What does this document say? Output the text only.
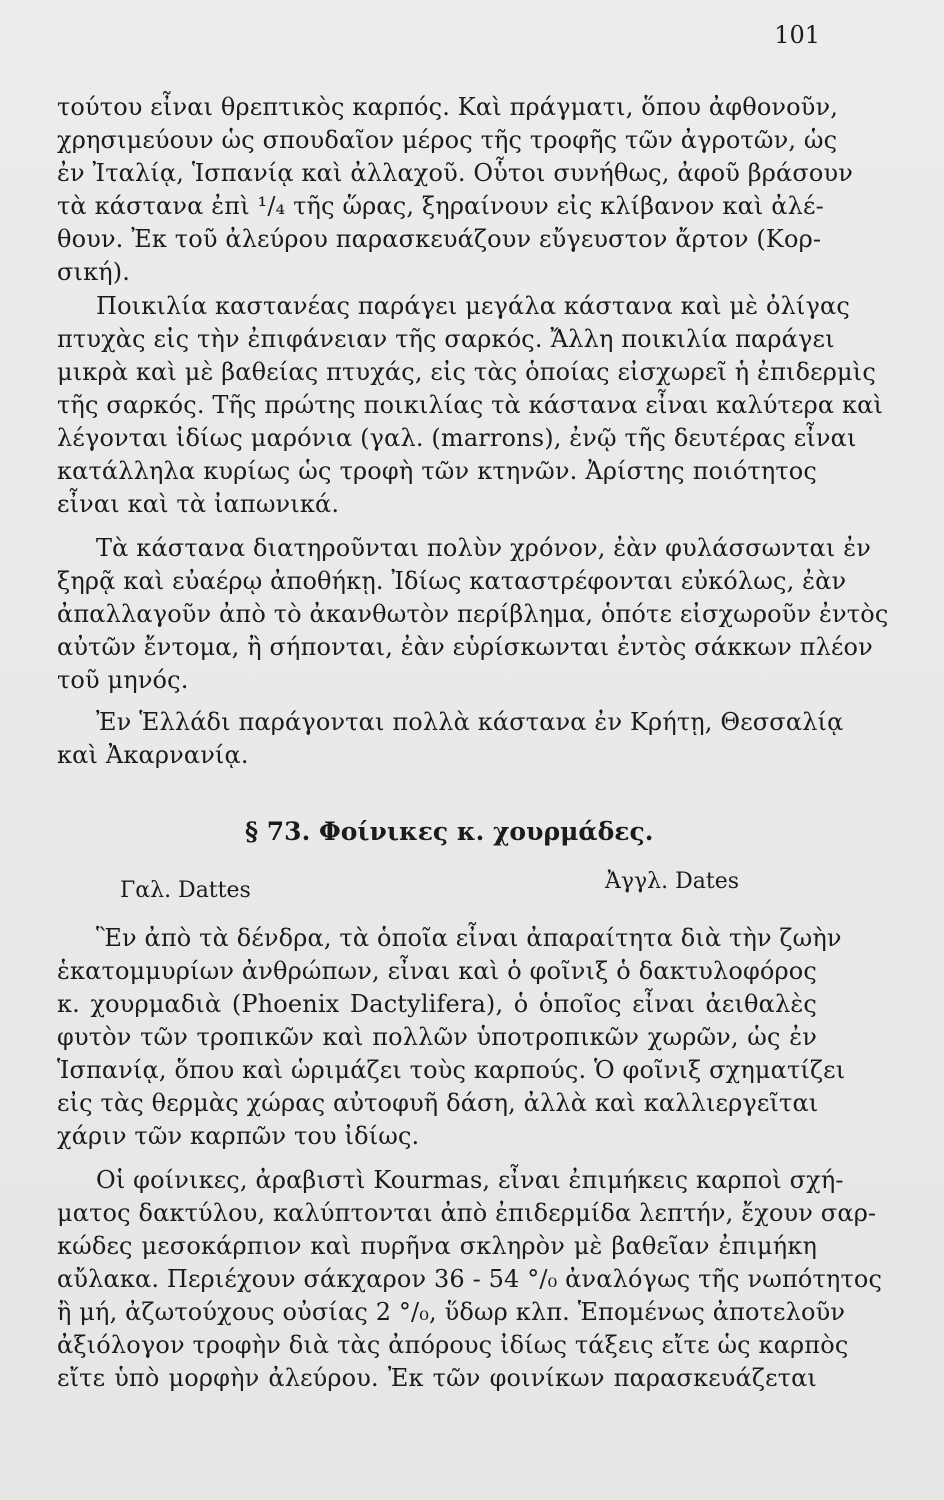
101
τούτου εἶναι θρεπτικὸς καρπός. Καὶ πράγματι, ὅπου ἀφθονοῦν,
χρησιμεύουν ὡς σπουδαῖον μέρος τῆς τροφῆς τῶν ἀγροτῶν, ὡς
ἐν Ἰταλίᾳ, Ἱσπανίᾳ καὶ ἀλλαχοῦ. Οὗτοι συνήθως, ἀφοῦ βράσουν
τὰ κάστανα ἐπὶ ¹/₄ τῆς ὥρας, ξηραίνουν εἰς κλίβανον καὶ ἀλέ-
θουν. Ἐκ τοῦ ἀλεύρου παρασκευάζουν εὔγευστον ἄρτον (Κορ-
σική).
Ποικιλία καστανέας παράγει μεγάλα κάστανα καὶ μὲ ὀλίγας
πτυχὰς εἰς τὴν ἐπιφάνειαν τῆς σαρκός. Ἄλλη ποικιλία παράγει
μικρὰ καὶ μὲ βαθείας πτυχάς, εἰς τὰς ὁποίας εἰσχωρεῖ ἡ ἐπιδερμὶς
τῆς σαρκός. Τῆς πρώτης ποικιλίας τὰ κάστανα εἶναι καλύτερα καὶ
λέγονται ἰδίως μαρόνια (γαλ. (marrons), ἐνῷ τῆς δευτέρας εἶναι
κατάλληλα κυρίως ὡς τροφὴ τῶν κτηνῶν. Ἀρίστης ποιότητος
εἶναι καὶ τὰ ἰαπωνικά.
Τὰ κάστανα διατηροῦνται πολὺν χρόνον, ἐὰν φυλάσσωνται ἐν
ξηρᾷ καὶ εὐαέρῳ ἀποθήκῃ. Ἰδίως καταστρέφονται εὐκόλως, ἐὰν
ἀπαλλαγοῦν ἀπὸ τὸ ἀκανθωτὸν περίβλημα, ὁπότε εἰσχωροῦν ἐντὸς
αὐτῶν ἔντομα, ἢ σήπονται, ἐὰν εὑρίσκωνται ἐντὸς σάκκων πλέον
τοῦ μηνός.
Ἐν Ἑλλάδι παράγονται πολλὰ κάστανα ἐν Κρήτῃ, Θεσσαλίᾳ
καὶ Ἀκαρνανίᾳ.
§ 73. Φοίνικες κ. χουρμάδες.
Γαλ. Dattes	Ἀγγλ. Dates
Ἓν ἀπὸ τὰ δένδρα, τὰ ὁποῖα εἶναι ἀπαραίτητα διὰ τὴν ζωὴν
ἑκατομμυρίων ἀνθρώπων, εἶναι καὶ ὁ φοῖνιξ ὁ δακτυλοφόρος
κ. χουρμαδιὰ (Phoenix Dactylifera), ὁ ὁποῖος εἶναι ἀειθαλὲς
φυτὸν τῶν τροπικῶν καὶ πολλῶν ὑποτροπικῶν χωρῶν, ὡς ἐν
Ἱσπανίᾳ, ὅπου καὶ ὡριμάζει τοὺς καρπούς. Ὁ φοῖνιξ σχηματίζει
εἰς τὰς θερμὰς χώρας αὐτοφυῆ δάση, ἀλλὰ καὶ καλλιεργεῖται
χάριν τῶν καρπῶν του ἰδίως.
Οἱ φοίνικες, ἀραβιστὶ Kourmas, εἶναι ἐπιμήκεις καρποὶ σχή-
ματος δακτύλου, καλύπτονται ἀπὸ ἐπιδερμίδα λεπτήν, ἔχουν σαρ-
κώδες μεσοκάρπιον καὶ πυρῆνα σκληρὸν μὲ βαθεῖαν ἐπιμήκη
αὔλακα. Περιέχουν σάκχαρον 36 - 54 °/₀ ἀναλόγως τῆς νωπότητος
ἢ μή, ἀζωτούχους οὐσίας 2 °/₀, ὕδωρ κλπ. Ἑπομένως ἀποτελοῦν
ἀξιόλογον τροφὴν διὰ τὰς ἀπόρους ἰδίως τάξεις εἴτε ὡς καρπὸς
εἴτε ὑπὸ μορφὴν ἀλεύρου. Ἐκ τῶν φοινίκων παρασκευάζεται
